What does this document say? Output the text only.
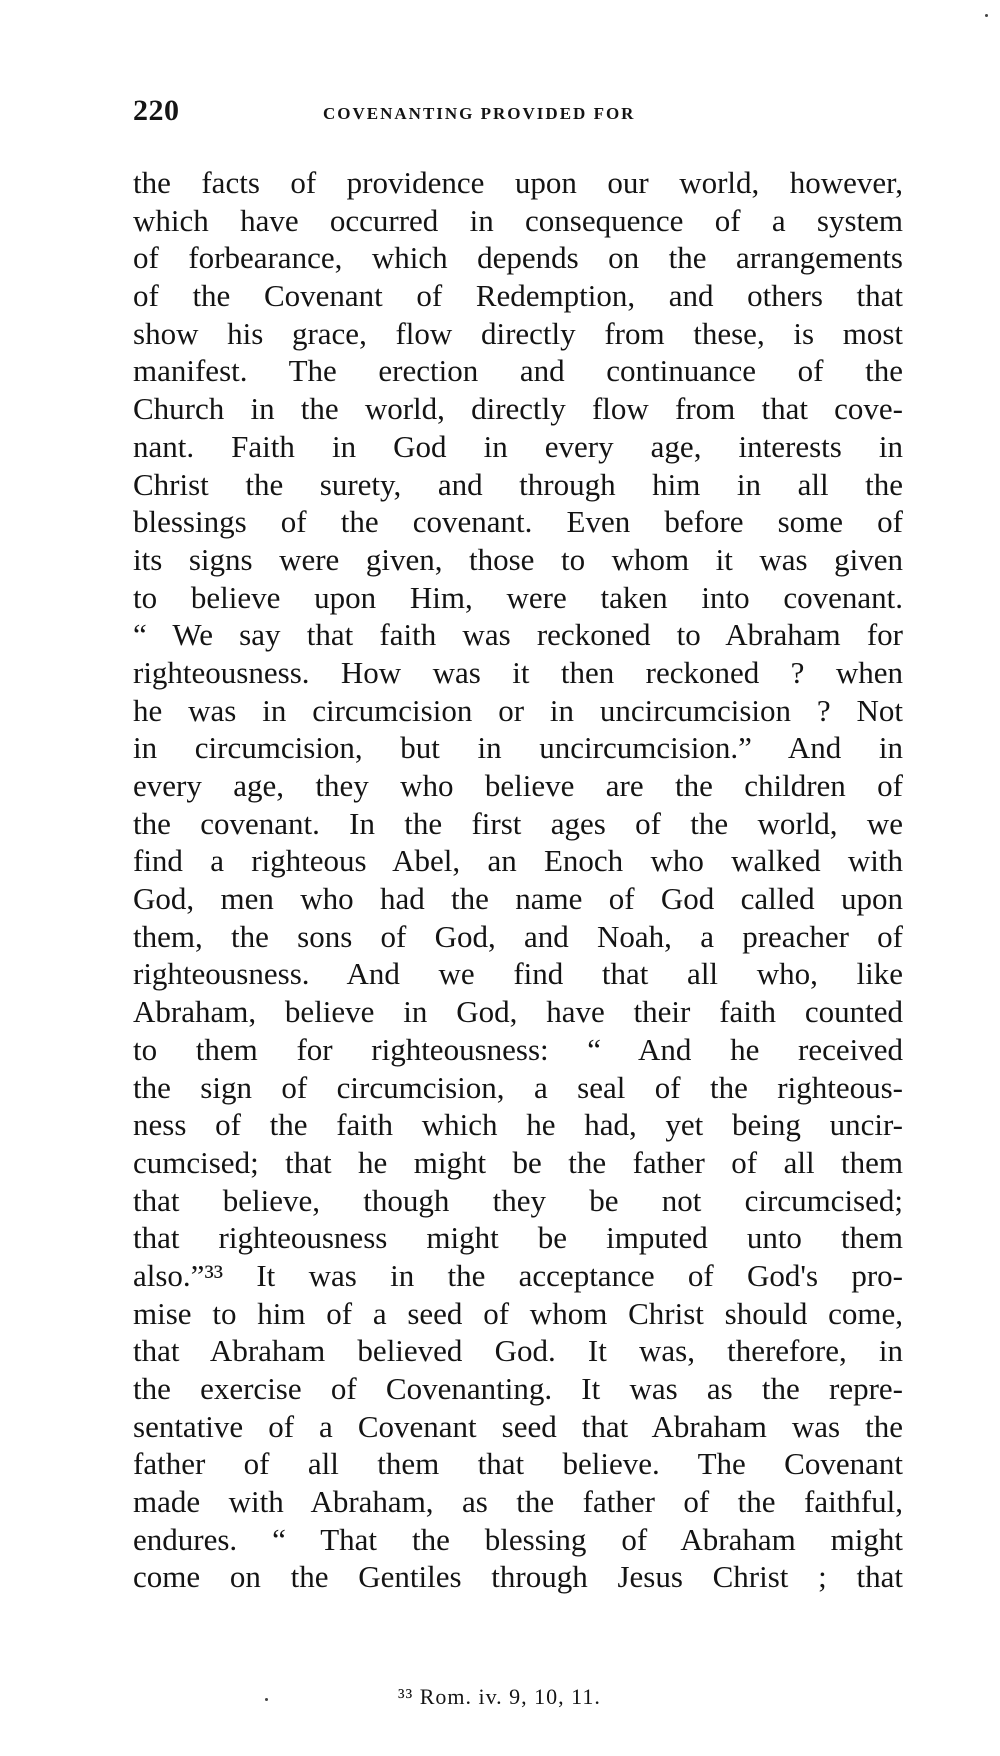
220	COVENANTING PROVIDED FOR
the facts of providence upon our world, however,
which have occurred in consequence of a system
of forbearance, which depends on the arrangements
of the Covenant of Redemption, and others that
show his grace, flow directly from these, is most
manifest. The erection and continuance of the
Church in the world, directly flow from that cove-
nant. Faith in God in every age, interests in
Christ the surety, and through him in all the
blessings of the covenant. Even before some of
its signs were given, those to whom it was given
to believe upon Him, were taken into covenant.
“ We say that faith was reckoned to Abraham for
righteousness. How was it then reckoned ? when
he was in circumcision or in uncircumcision ? Not
in circumcision, but in uncircumcision.” And in
every age, they who believe are the children of
the covenant. In the first ages of the world, we
find a righteous Abel, an Enoch who walked with
God, men who had the name of God called upon
them, the sons of God, and Noah, a preacher of
righteousness. And we find that all who, like
Abraham, believe in God, have their faith counted
to them for righteousness: “ And he received
the sign of circumcision, a seal of the righteous-
ness of the faith which he had, yet being uncir-
cumcised; that he might be the father of all them
that believe, though they be not circumcised;
that righteousness might be imputed unto them
also.”³³ It was in the acceptance of God's pro-
mise to him of a seed of whom Christ should come,
that Abraham believed God. It was, therefore, in
the exercise of Covenanting. It was as the repre-
sentative of a Covenant seed that Abraham was the
father of all them that believe. The Covenant
made with Abraham, as the father of the faithful,
endures. “ That the blessing of Abraham might
come on the Gentiles through Jesus Christ ; that
³³ Rom. iv. 9, 10, 11.
